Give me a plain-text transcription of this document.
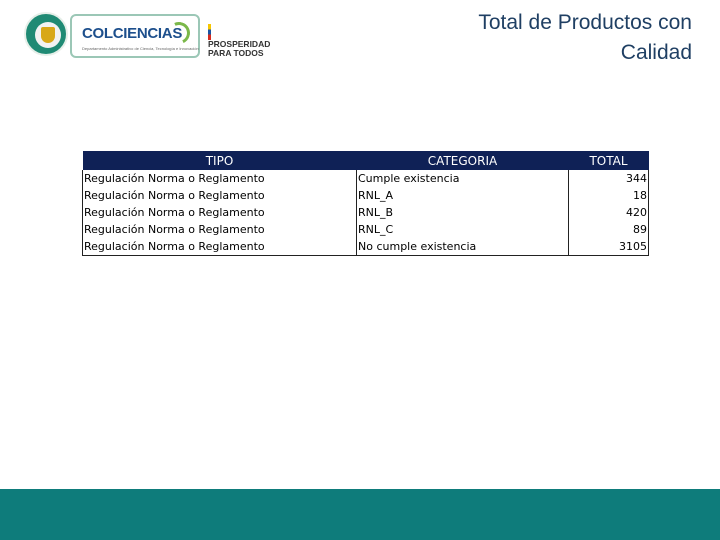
COLCIENCIAS
Departamento Administrativo de Ciencia, Tecnología e Innovación PROSPERIDAD
PARA TODOS
Total de Productos con
Calidad
TIPO	CATEGORIA	TOTAL
Regulación Norma o Reglamento	Cumple existencia	344
Regulación Norma o Reglamento	RNL_A	18
Regulación Norma o Reglamento	RNL_B	420
Regulación Norma o Reglamento	RNL_C	89
Regulación Norma o Reglamento	No cumple existencia	3105
